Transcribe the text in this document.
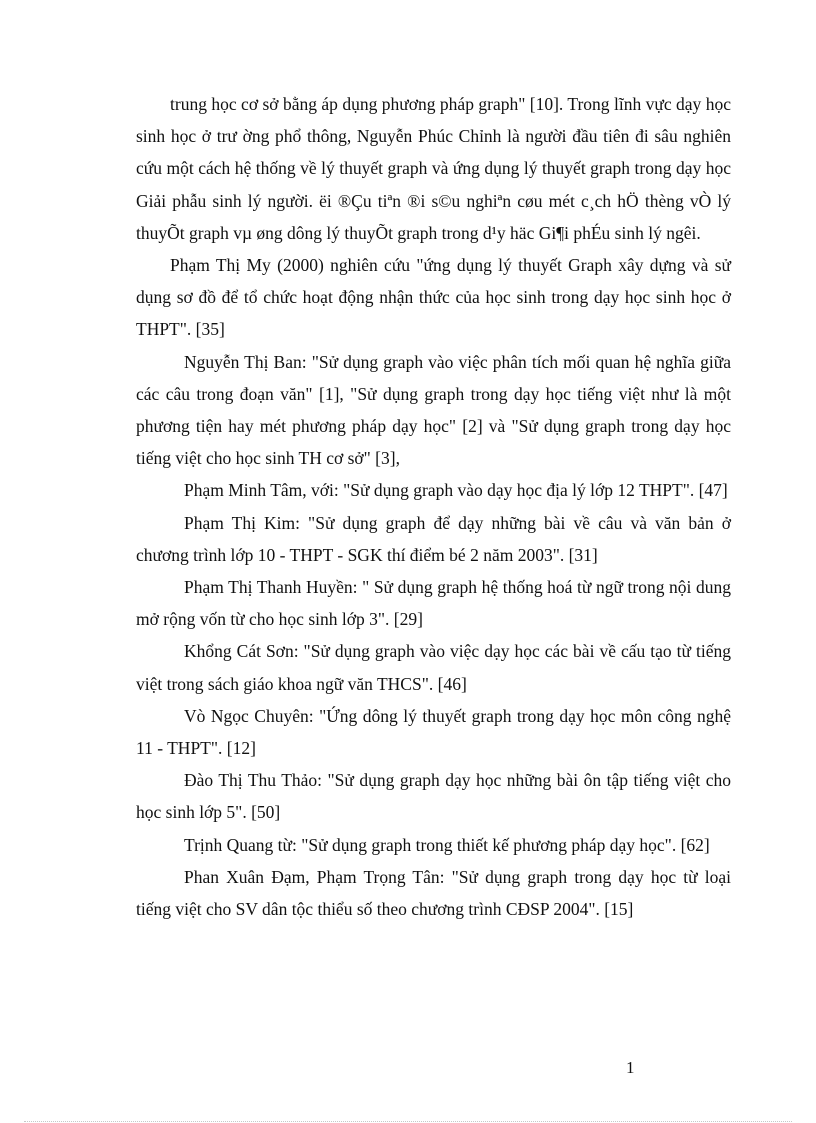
trung học cơ sở bằng áp dụng phương pháp graph" [10]. Trong lĩnh vực dạy học sinh học ở trư ờng phổ thông, Nguyễn Phúc Chỉnh là người đầu tiên đi sâu nghiên cứu một cách hệ thống về lý thuyết graph và ứng dụng lý thuyết graph trong dạy học Giải phẫu sinh lý người. ëi ®Çu tiªn ®i s©u nghiªn cøu mét c¸ch hÖ thèng vÒ lý thuyÕt graph vµ øng dông lý thuyÕt graph trong d¹y häc Gi¶i phÉu sinh lý ngêi.

Phạm Thị My (2000) nghiên cứu "ứng dụng lý thuyết Graph xây dựng và sử dụng sơ đồ để tổ chức hoạt động nhận thức của học sinh trong dạy học sinh học ở THPT". [35]

Nguyễn Thị Ban: "Sử dụng graph vào việc phân tích mối quan hệ nghĩa giữa các câu trong đoạn văn" [1], "Sử dụng graph trong dạy học tiếng việt như là một phương tiện hay mét phương pháp dạy học" [2] và "Sử dụng graph trong dạy học tiếng việt cho học sinh TH cơ sở" [3],

Phạm Minh Tâm, với: "Sử dụng graph vào dạy học địa lý lớp 12 THPT". [47]

Phạm Thị Kim: "Sử dụng graph để dạy những bài về câu và văn bản ở chương trình lớp 10 - THPT - SGK thí điểm bé 2 năm 2003". [31]

Phạm Thị Thanh Huyền: " Sử dụng graph hệ thống hoá từ ngữ trong nội dung mở rộng vốn từ cho học sinh lớp 3". [29]

Khổng Cát Sơn: "Sử dụng graph vào việc dạy học các bài về cấu tạo từ tiếng việt trong sách giáo khoa ngữ văn THCS". [46]

Vò Ngọc Chuyên: "Ứng dông lý thuyết graph trong dạy học môn công nghệ 11 - THPT". [12]

Đào Thị Thu Thảo: "Sử dụng graph dạy học những bài ôn tập tiếng việt cho học sinh lớp 5". [50]

Trịnh Quang từ: "Sử dụng graph trong thiết kế phương pháp dạy học". [62]

Phan Xuân Đạm, Phạm Trọng Tân: "Sử dụng graph trong dạy học từ loại tiếng việt cho SV dân tộc thiểu số theo chương trình CĐSP 2004". [15]

1
